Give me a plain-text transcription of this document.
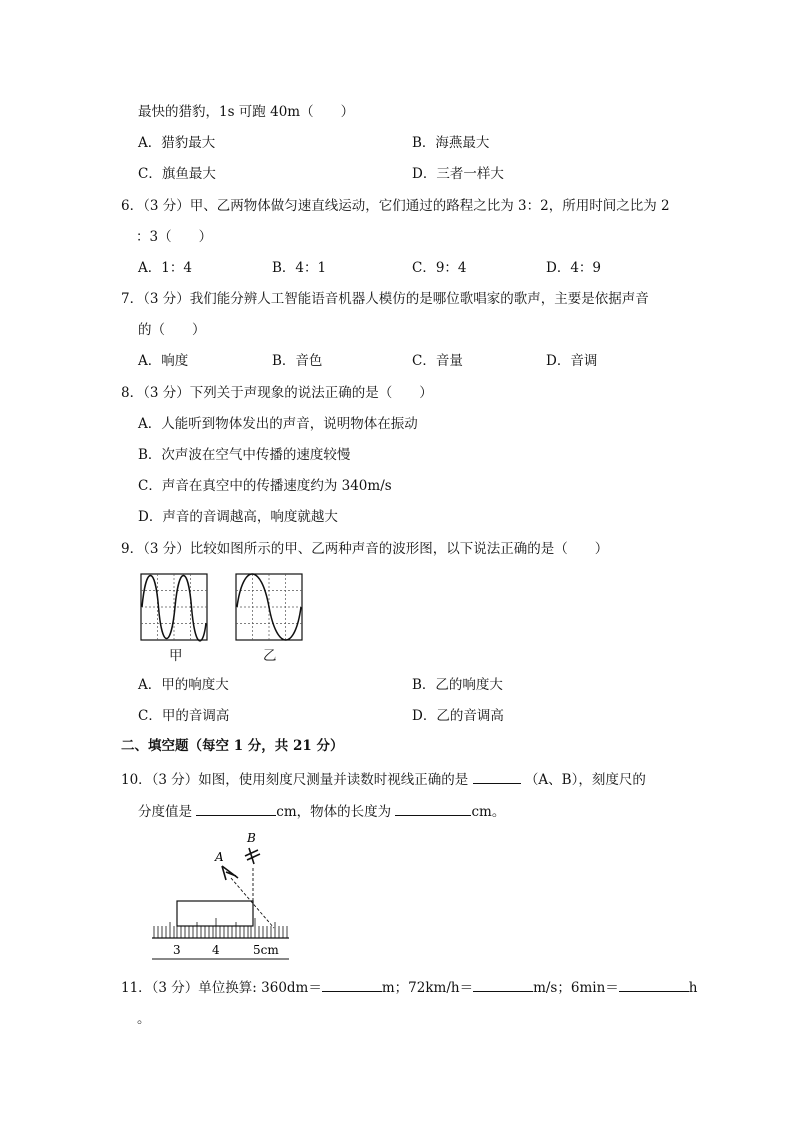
最快的猎豹，1s 可跑 40m（　　）
A．猎豹最大	B．海燕最大
C．旗鱼最大	D．三者一样大
6．（3 分）甲、乙两物体做匀速直线运动，它们通过的路程之比为 3：2，所用时间之比为 2
：3（　　）
A．1：4	B．4：1	C．9：4	D．4：9
7．（3 分）我们能分辨人工智能语音机器人模仿的是哪位歌唱家的歌声，主要是依据声音
的（　　）
A．响度	B．音色	C．音量	D．音调
8．（3 分）下列关于声现象的说法正确的是（　　）
A．人能听到物体发出的声音，说明物体在振动
B．次声波在空气中传播的速度较慢
C．声音在真空中的传播速度约为 340m/s
D．声音的音调越高，响度就越大
9．（3 分）比较如图所示的甲、乙两种声音的波形图，以下说法正确的是（　　）
甲	乙
A．甲的响度大	B．乙的响度大
C．甲的音调高	D．乙的音调高
二、填空题（每空 1 分，共 21 分）
10．（3 分）如图，使用刻度尺测量并读数时视线正确的是	（A、B），刻度尺的
分度值是	cm，物体的长度为	cm。
A
B
3	4	5cm
11．（3 分）单位换算: 360dm＝	m；72km/h＝	m/s；6min＝	h
。
